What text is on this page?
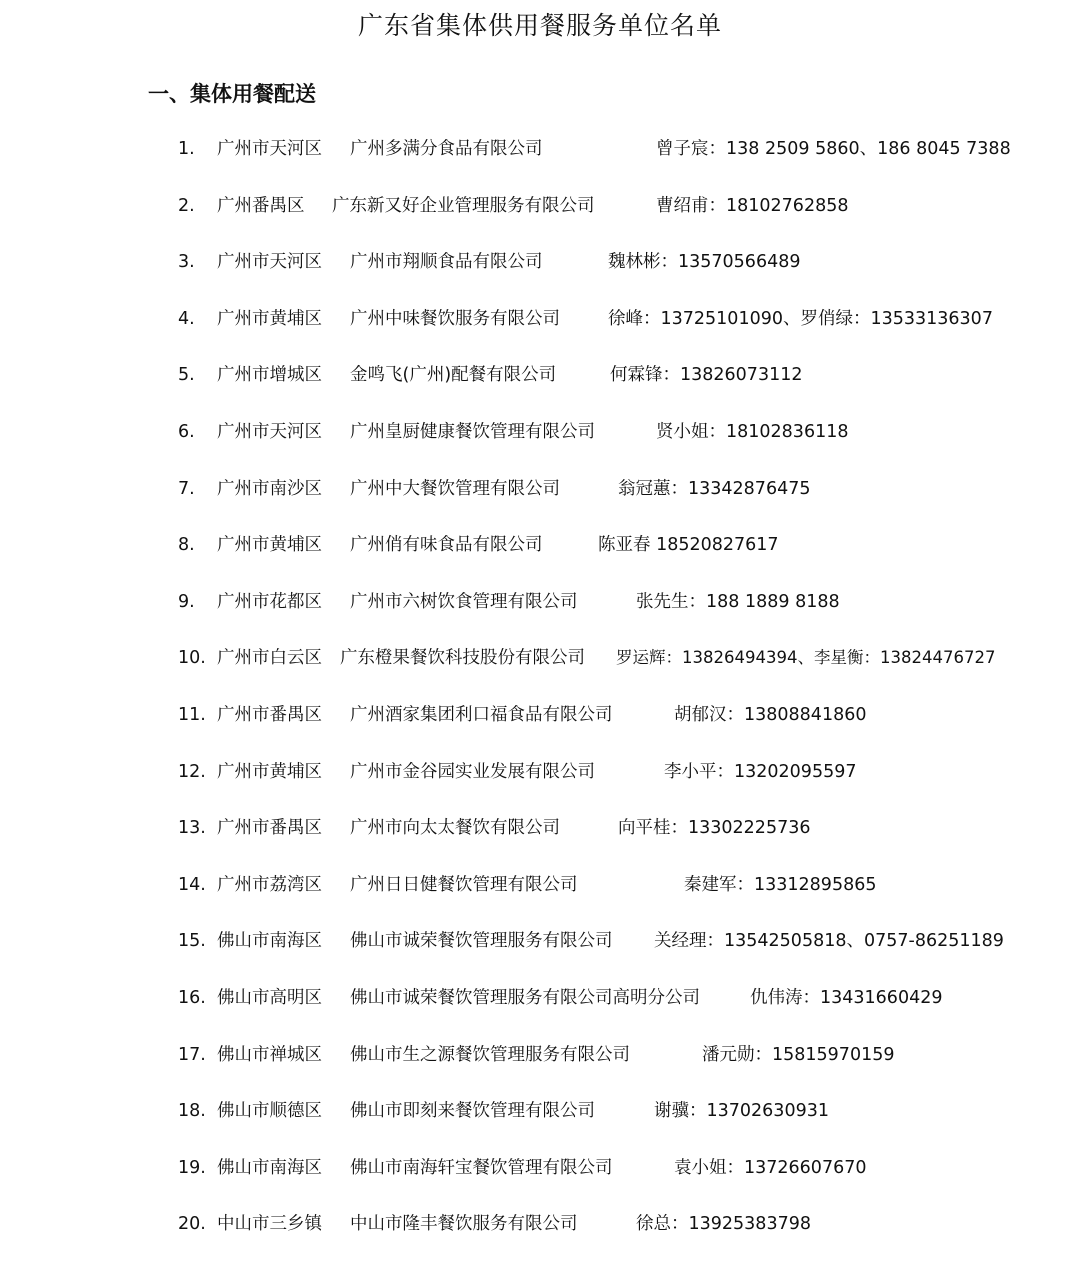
广东省集体供用餐服务单位名单
一、集体用餐配送
1. 广州市天河区 广州多满分食品有限公司	曾子宸：138 2509 5860、186 8045 7388
2. 广州番禺区 广东新又好企业管理服务有限公司	曹绍甫：18102762858
3. 广州市天河区 广州市翔顺食品有限公司	魏林彬：13570566489
4. 广州市黄埔区 广州中味餐饮服务有限公司	徐峰：13725101090、罗俏绿：13533136307
5. 广州市增城区 金鸣飞(广州)配餐有限公司	何霖锋：13826073112
6. 广州市天河区 广州皇厨健康餐饮管理有限公司	贤小姐：18102836118
7. 广州市南沙区 广州中大餐饮管理有限公司	翁冠蕙：13342876475
8. 广州市黄埔区 广州俏有味食品有限公司	陈亚春 18520827617
9. 广州市花都区 广州市六树饮食管理有限公司	张先生：188 1889 8188
10. 广州市白云区 广东橙果餐饮科技股份有限公司 罗运辉：13826494394、李星衡：13824476727
11. 广州市番禺区 广州酒家集团利口福食品有限公司	胡郁汉：13808841860
12. 广州市黄埔区 广州市金谷园实业发展有限公司	李小平：13202095597
13. 广州市番禺区 广州市向太太餐饮有限公司	向平桂：13302225736
14. 广州市荔湾区 广州日日健餐饮管理有限公司	秦建军：13312895865
15. 佛山市南海区 佛山市诚荣餐饮管理服务有限公司 关经理：13542505818、0757-86251189
16. 佛山市高明区 佛山市诚荣餐饮管理服务有限公司高明分公司	仇伟涛：13431660429
17. 佛山市禅城区 佛山市生之源餐饮管理服务有限公司	潘元勋：15815970159
18. 佛山市顺德区 佛山市即刻来餐饮管理有限公司	谢骥：13702630931
19. 佛山市南海区 佛山市南海轩宝餐饮管理有限公司	袁小姐：13726607670
20. 中山市三乡镇 中山市隆丰餐饮服务有限公司	徐总：13925383798
